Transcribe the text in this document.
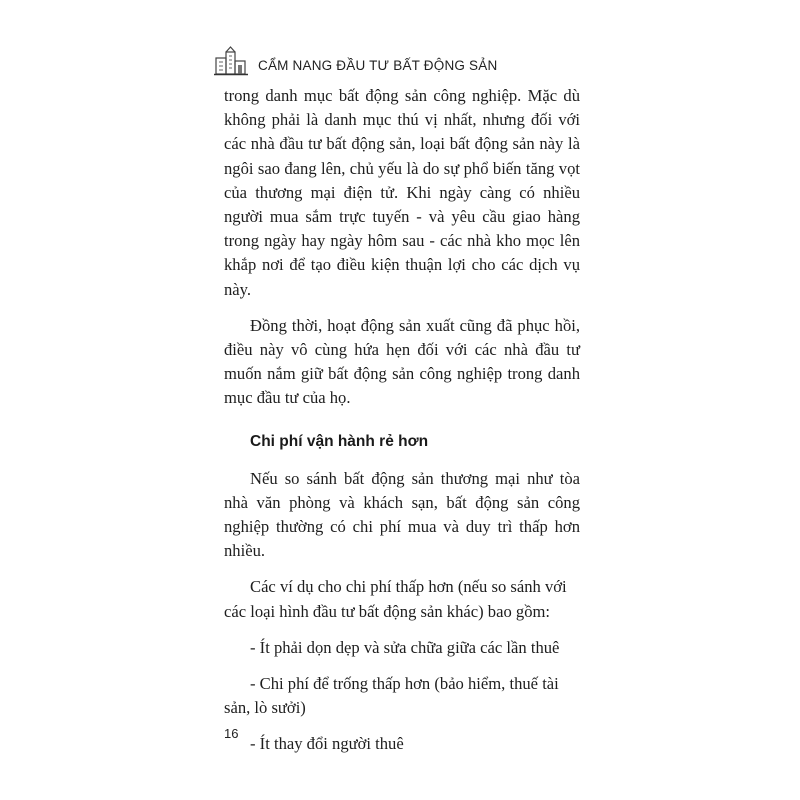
CẨM NANG ĐẦU TƯ BẤT ĐỘNG SẢN

trong danh mục bất động sản công nghiệp. Mặc dù không phải là danh mục thú vị nhất, nhưng đối với các nhà đầu tư bất động sản, loại bất động sản này là ngôi sao đang lên, chủ yếu là do sự phổ biến tăng vọt của thương mại điện tử. Khi ngày càng có nhiều người mua sắm trực tuyến - và yêu cầu giao hàng trong ngày hay ngày hôm sau - các nhà kho mọc lên khắp nơi để tạo điều kiện thuận lợi cho các dịch vụ này.

Đồng thời, hoạt động sản xuất cũng đã phục hồi, điều này vô cùng hứa hẹn đối với các nhà đầu tư muốn nắm giữ bất động sản công nghiệp trong danh mục đầu tư của họ.

Chi phí vận hành rẻ hơn

Nếu so sánh bất động sản thương mại như tòa nhà văn phòng và khách sạn, bất động sản công nghiệp thường có chi phí mua và duy trì thấp hơn nhiều.

Các ví dụ cho chi phí thấp hơn (nếu so sánh với các loại hình đầu tư bất động sản khác) bao gồm:

- Ít phải dọn dẹp và sửa chữa giữa các lần thuê

- Chi phí để trống thấp hơn (bảo hiểm, thuế tài sản, lò sưởi)

- Ít thay đổi người thuê

16
